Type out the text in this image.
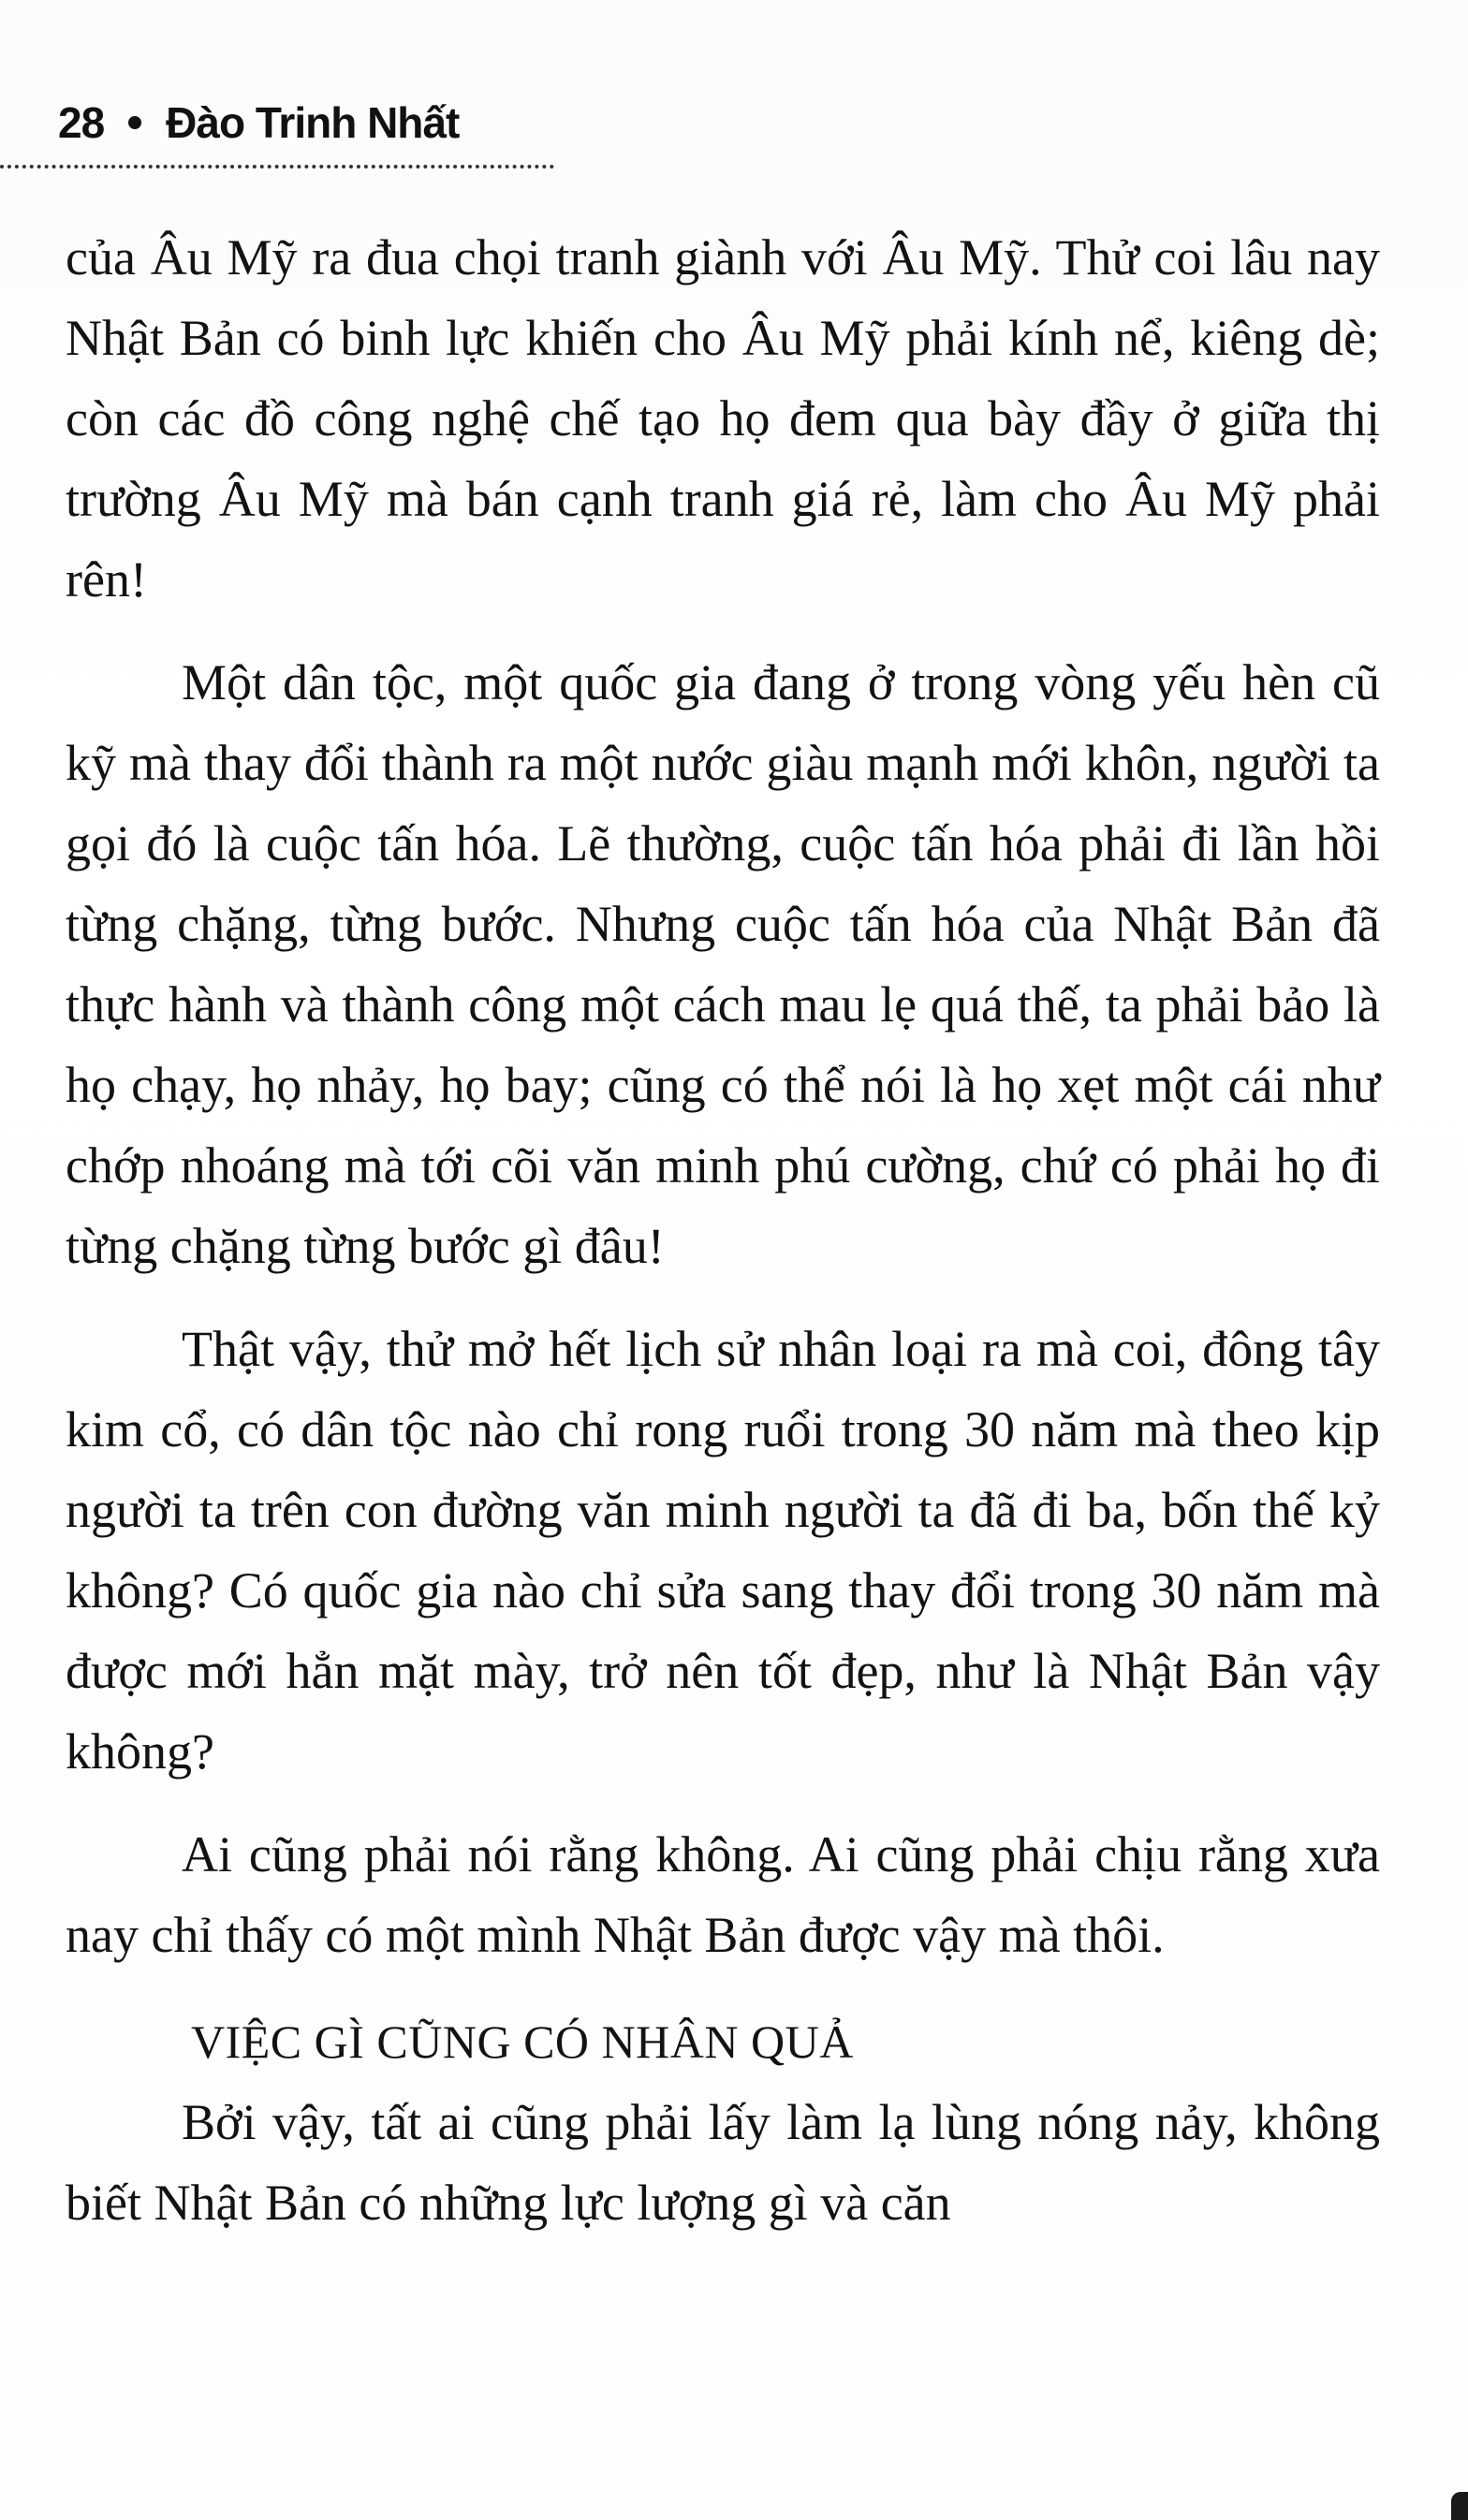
28 Đào Trinh Nhất

của Âu Mỹ ra đua chọi tranh giành với Âu Mỹ. Thử coi lâu nay Nhật Bản có binh lực khiến cho Âu Mỹ phải kính nể, kiêng dè; còn các đồ công nghệ chế tạo họ đem qua bày đầy ở giữa thị trường Âu Mỹ mà bán cạnh tranh giá rẻ, làm cho Âu Mỹ phải rên!

Một dân tộc, một quốc gia đang ở trong vòng yếu hèn cũ kỹ mà thay đổi thành ra một nước giàu mạnh mới khôn, người ta gọi đó là cuộc tấn hóa. Lẽ thường, cuộc tấn hóa phải đi lần hồi từng chặng, từng bước. Nhưng cuộc tấn hóa của Nhật Bản đã thực hành và thành công một cách mau lẹ quá thế, ta phải bảo là họ chạy, họ nhảy, họ bay; cũng có thể nói là họ xẹt một cái như chớp nhoáng mà tới cõi văn minh phú cường, chứ có phải họ đi từng chặng từng bước gì đâu!

Thật vậy, thử mở hết lịch sử nhân loại ra mà coi, đông tây kim cổ, có dân tộc nào chỉ rong ruổi trong 30 năm mà theo kịp người ta trên con đường văn minh người ta đã đi ba, bốn thế kỷ không? Có quốc gia nào chỉ sửa sang thay đổi trong 30 năm mà được mới hẳn mặt mày, trở nên tốt đẹp, như là Nhật Bản vậy không?

Ai cũng phải nói rằng không. Ai cũng phải chịu rằng xưa nay chỉ thấy có một mình Nhật Bản được vậy mà thôi.

VIỆC GÌ CŨNG CÓ NHÂN QUẢ

Bởi vậy, tất ai cũng phải lấy làm lạ lùng nóng nảy, không biết Nhật Bản có những lực lượng gì và căn
